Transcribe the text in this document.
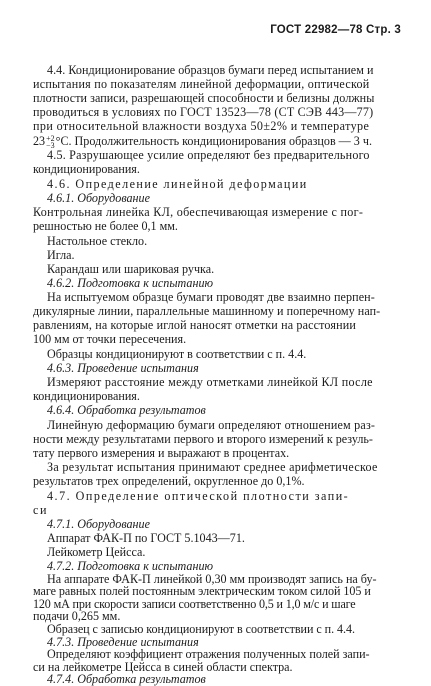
ГОСТ 22982—78 Стр. 3
4.4. Кондиционирование образцов бумаги перед испытанием и
испытания по показателям линейной деформации, оптической
плотности записи, разрешающей способности и белизны должны
проводиться в условиях по ГОСТ 13523—78 (СТ СЭВ 443—77)
при относительной влажности воздуха 50±2% и температуре
23 +2
−3 °С. Продолжительность кондиционирования образцов — 3 ч.
4.5. Разрушающее усилие определяют без предварительного
кондиционирования.
4.6. Определение линейной деформации
4.6.1. Оборудование
Контрольная линейка КЛ, обеспечивающая измерение с пог-
решностью не более 0,1 мм.
Настольное стекло.
Игла.
Карандаш или шариковая ручка.
4.6.2. Подготовка к испытанию
На испытуемом образце бумаги проводят две взаимно перпен-
дикулярные линии, параллельные машинному и поперечному нап-
равлениям, на которые иглой наносят отметки на расстоянии
100 мм от точки пересечения.
Образцы кондиционируют в соответствии с п. 4.4.
4.6.3. Проведение испытания
Измеряют расстояние между отметками линейкой КЛ после
кондиционирования.
4.6.4. Обработка результатов
Линейную деформацию бумаги определяют отношением раз-
ности между результатами первого и второго измерений к резуль-
тату первого измерения и выражают в процентах.
За результат испытания принимают среднее арифметическое
результатов трех определений, округленное до 0,1%.
4.7. Определение оптической плотности запи-
си
4.7.1. Оборудование
Аппарат ФАК-П по ГОСТ 5.1043—71.
Лейкометр Цейсса.
4.7.2. Подготовка к испытанию
На аппарате ФАК-П линейкой 0,30 мм производят запись на бу-
маге равных полей постоянным электрическим током силой 105 и
120 мА при скорости записи соответственно 0,5 и 1,0 м/с и шаге
подачи 0,265 мм.
Образец с записью кондиционируют в соответствии с п. 4.4.
4.7.3. Проведение испытания
Определяют коэффициент отражения полученных полей запи-
си на лейкометре Цейсса в синей области спектра.
4.7.4. Обработка результатов
